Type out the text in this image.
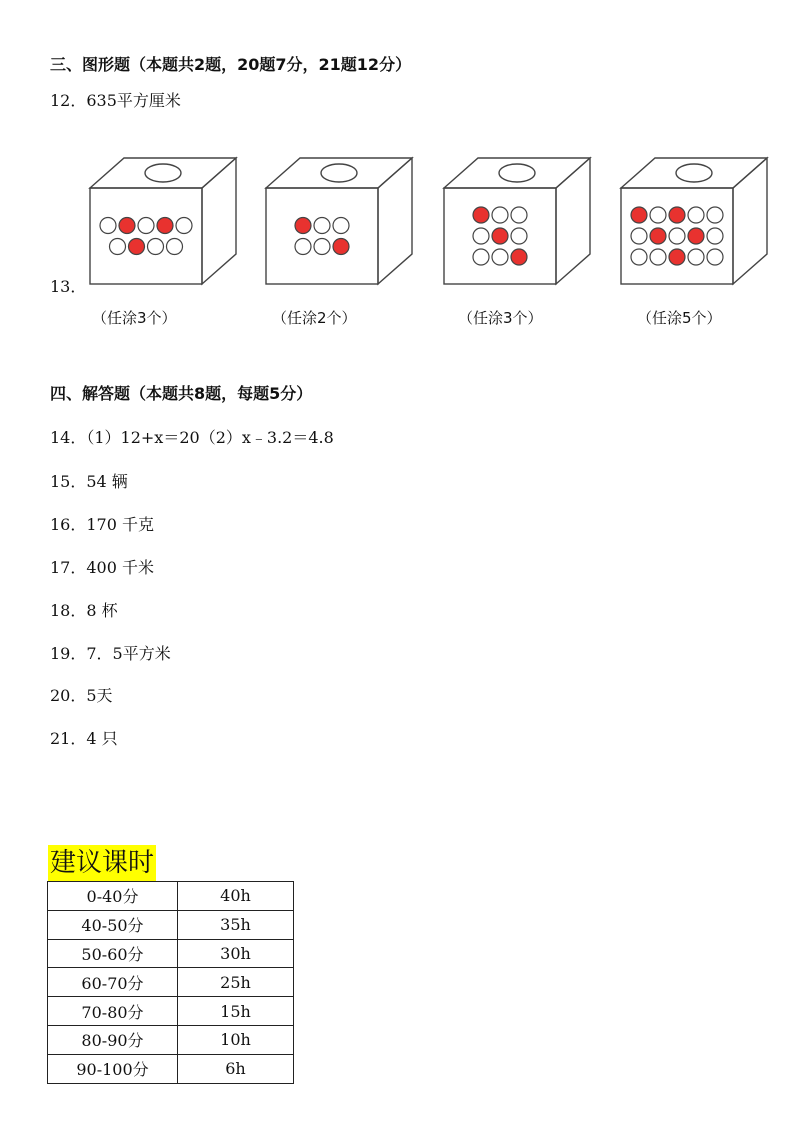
三、图形题（本题共2题，20题7分，21题12分）
12．635平方厘米
13．
（任涂3个）	（任涂2个）	（任涂3个）	（任涂5个）
四、解答题（本题共8题，每题5分）
14．（1）12+x＝20（2）x﹣3.2＝4.8
15．54 辆
16．170 千克
17．400 千米
18．8 杯
19．7．5平方米
20．5天
21．4 只
建议课时
0-40分	40h
40-50分	35h
50-60分	30h
60-70分	25h
70-80分	15h
80-90分	10h
90-100分	6h
